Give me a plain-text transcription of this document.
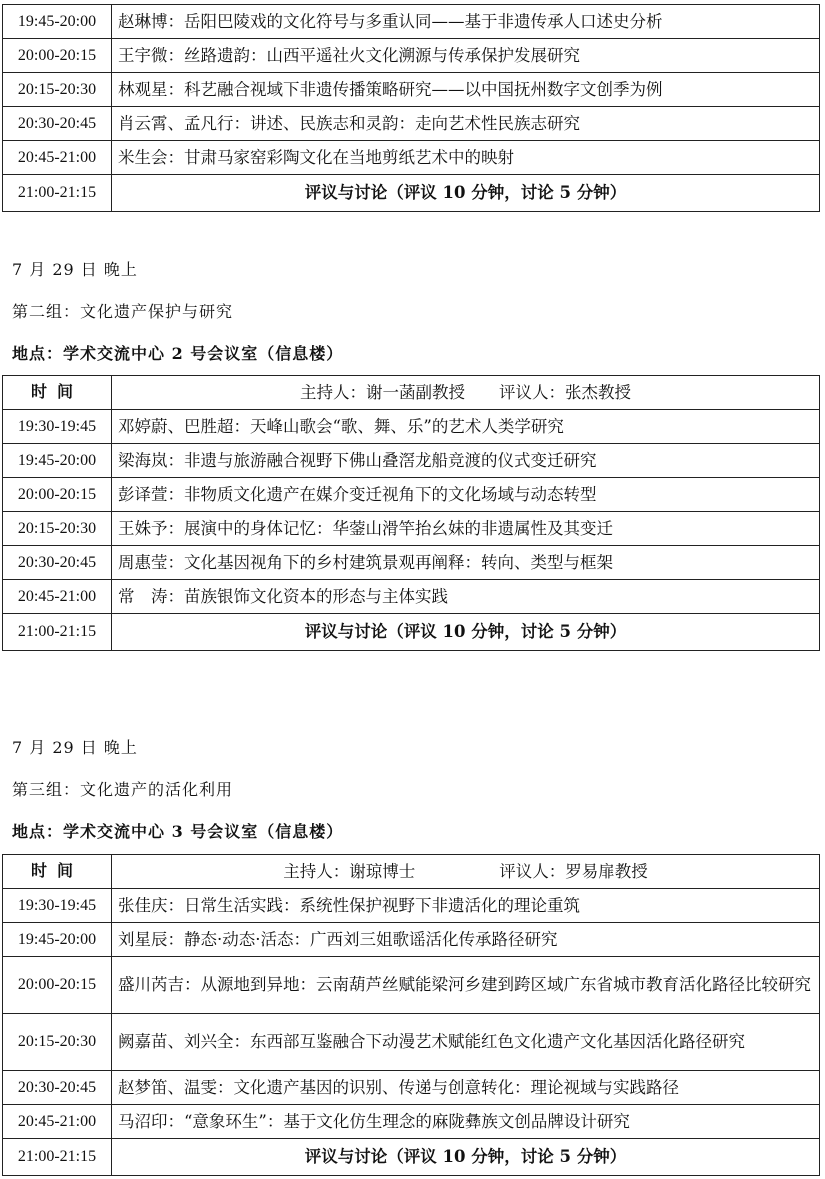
19:45-20:00	赵琳博：岳阳巴陵戏的文化符号与多重认同——基于非遗传承人口述史分析
20:00-20:15	王宇微：丝路遗韵：山西平遥社火文化溯源与传承保护发展研究
20:15-20:30	林观星：科艺融合视域下非遗传播策略研究——以中国抚州数字文创季为例
20:30-20:45	肖云霄、孟凡行：讲述、民族志和灵韵：走向艺术性民族志研究
20:45-21:00	米生会：甘肃马家窑彩陶文化在当地剪纸艺术中的映射
21:00-21:15	评议与讨论（评议 10 分钟，讨论 5 分钟）
7 月 29 日 晚上
第二组：文化遗产保护与研究
地点：学术交流中心 2 号会议室（信息楼）
时间	主持人：谢一菡副教授 评议人：张杰教授
19:30-19:45	邓婷蔚、巴胜超：天峰山歌会“歌、舞、乐”的艺术人类学研究
19:45-20:00	梁海岚：非遗与旅游融合视野下佛山叠滘龙船竞渡的仪式变迁研究
20:00-20:15	彭译萱：非物质文化遗产在媒介变迁视角下的文化场域与动态转型
20:15-20:30	王姝予：展演中的身体记忆：华蓥山滑竿抬幺妹的非遗属性及其变迁
20:30-20:45	周惠莹：文化基因视角下的乡村建筑景观再阐释：转向、类型与框架
20:45-21:00	常　涛：苗族银饰文化资本的形态与主体实践
21:00-21:15	评议与讨论（评议 10 分钟，讨论 5 分钟）
7 月 29 日 晚上
第三组：文化遗产的活化利用
地点：学术交流中心 3 号会议室（信息楼）
时间	主持人：谢琼博士 评议人：罗易扉教授
19:30-19:45	张佳庆：日常生活实践：系统性保护视野下非遗活化的理论重筑
19:45-20:00	刘星辰：静态·动态·活态：广西刘三姐歌谣活化传承路径研究
20:00-20:15	盛川芮吉：从源地到异地：云南葫芦丝赋能梁河乡建到跨区域广东省城市教育活化路径比较研究
20:15-20:30	阙嘉苗、刘兴全：东西部互鉴融合下动漫艺术赋能红色文化遗产文化基因活化路径研究
20:30-20:45	赵梦笛、温雯：文化遗产基因的识别、传递与创意转化：理论视域与实践路径
20:45-21:00	马沼印：“意象环生”：基于文化仿生理念的麻陇彝族文创品牌设计研究
21:00-21:15	评议与讨论（评议 10 分钟，讨论 5 分钟）
